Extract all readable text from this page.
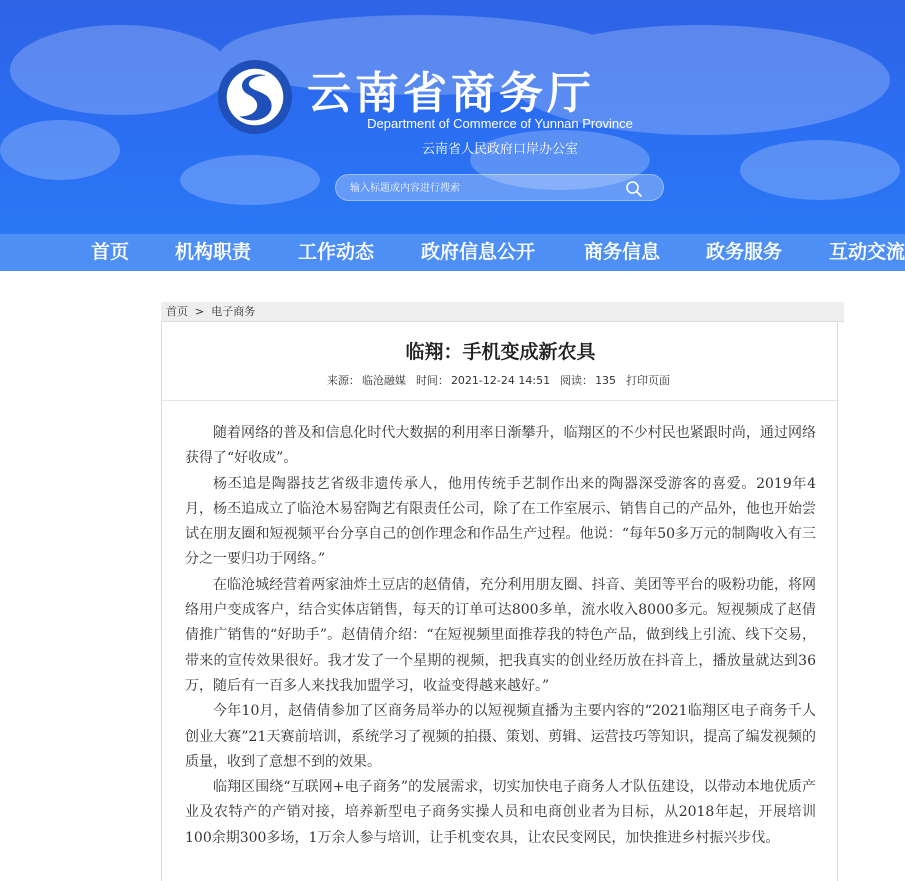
云南省商务厅
Department of Commerce of Yunnan Province
云南省人民政府口岸办公室
输入标题或内容进行搜索
首页 机构职责 工作动态 政府信息公开	商务信息 政务服务 互动交流
首页 > 电子商务
临翔：手机变成新农具
来源： 临沧融媒 时间： 2021-12-24 14:51 阅读： 135 打印页面

随着网络的普及和信息化时代大数据的利用率日渐攀升，临翔区的不少村民也紧跟时尚，通过网络获得了“好收成”。

杨丕追是陶器技艺省级非遗传承人，他用传统手艺制作出来的陶器深受游客的喜爱。2019年4月，杨丕追成立了临沧木易窑陶艺有限责任公司，除了在工作室展示、销售自己的产品外，他也开始尝试在朋友圈和短视频平台分享自己的创作理念和作品生产过程。他说：“每年50多万元的制陶收入有三分之一要归功于网络。”

在临沧城经营着两家油炸土豆店的赵倩倩，充分利用朋友圈、抖音、美团等平台的吸粉功能，将网络用户变成客户，结合实体店销售，每天的订单可达800多单，流水收入8000多元。短视频成了赵倩倩推广销售的“好助手”。赵倩倩介绍：“在短视频里面推荐我的特色产品，做到线上引流、线下交易，带来的宣传效果很好。我才发了一个星期的视频，把我真实的创业经历放在抖音上，播放量就达到36万，随后有一百多人来找我加盟学习，收益变得越来越好。”

今年10月，赵倩倩参加了区商务局举办的以短视频直播为主要内容的“2021临翔区电子商务千人创业大赛”21天赛前培训，系统学习了视频的拍摄、策划、剪辑、运营技巧等知识，提高了编发视频的质量，收到了意想不到的效果。

临翔区围绕“互联网+电子商务”的发展需求，切实加快电子商务人才队伍建设，以带动本地优质产业及农特产的产销对接，培养新型电子商务实操人员和电商创业者为目标，从2018年起，开展培训100余期300多场，1万余人参与培训，让手机变农具，让农民变网民，加快推进乡村振兴步伐。
